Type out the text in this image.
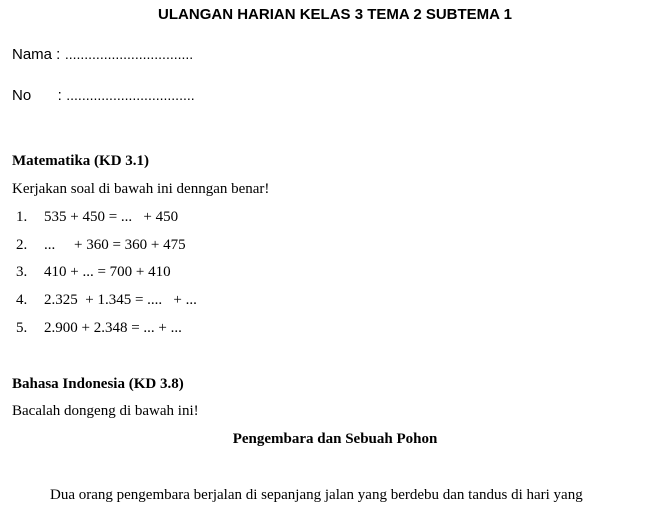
ULANGAN HARIAN KELAS 3 TEMA 2 SUBTEMA 1
Nama : .................................
No : .................................
Matematika (KD 3.1)
Kerjakan soal di bawah ini denngan benar!
1. 535 + 450 = ...   + 450
2. ...     + 360 = 360 + 475
3. 410 + ... = 700 + 410
4. 2.325  + 1.345 = ....   + ...
5. 2.900 + 2.348 = ... + ...
Bahasa Indonesia (KD 3.8)
Bacalah dongeng di bawah ini!
Pengembara dan Sebuah Pohon
Dua orang pengembara berjalan di sepanjang jalan yang berdebu dan tandus di hari yang
